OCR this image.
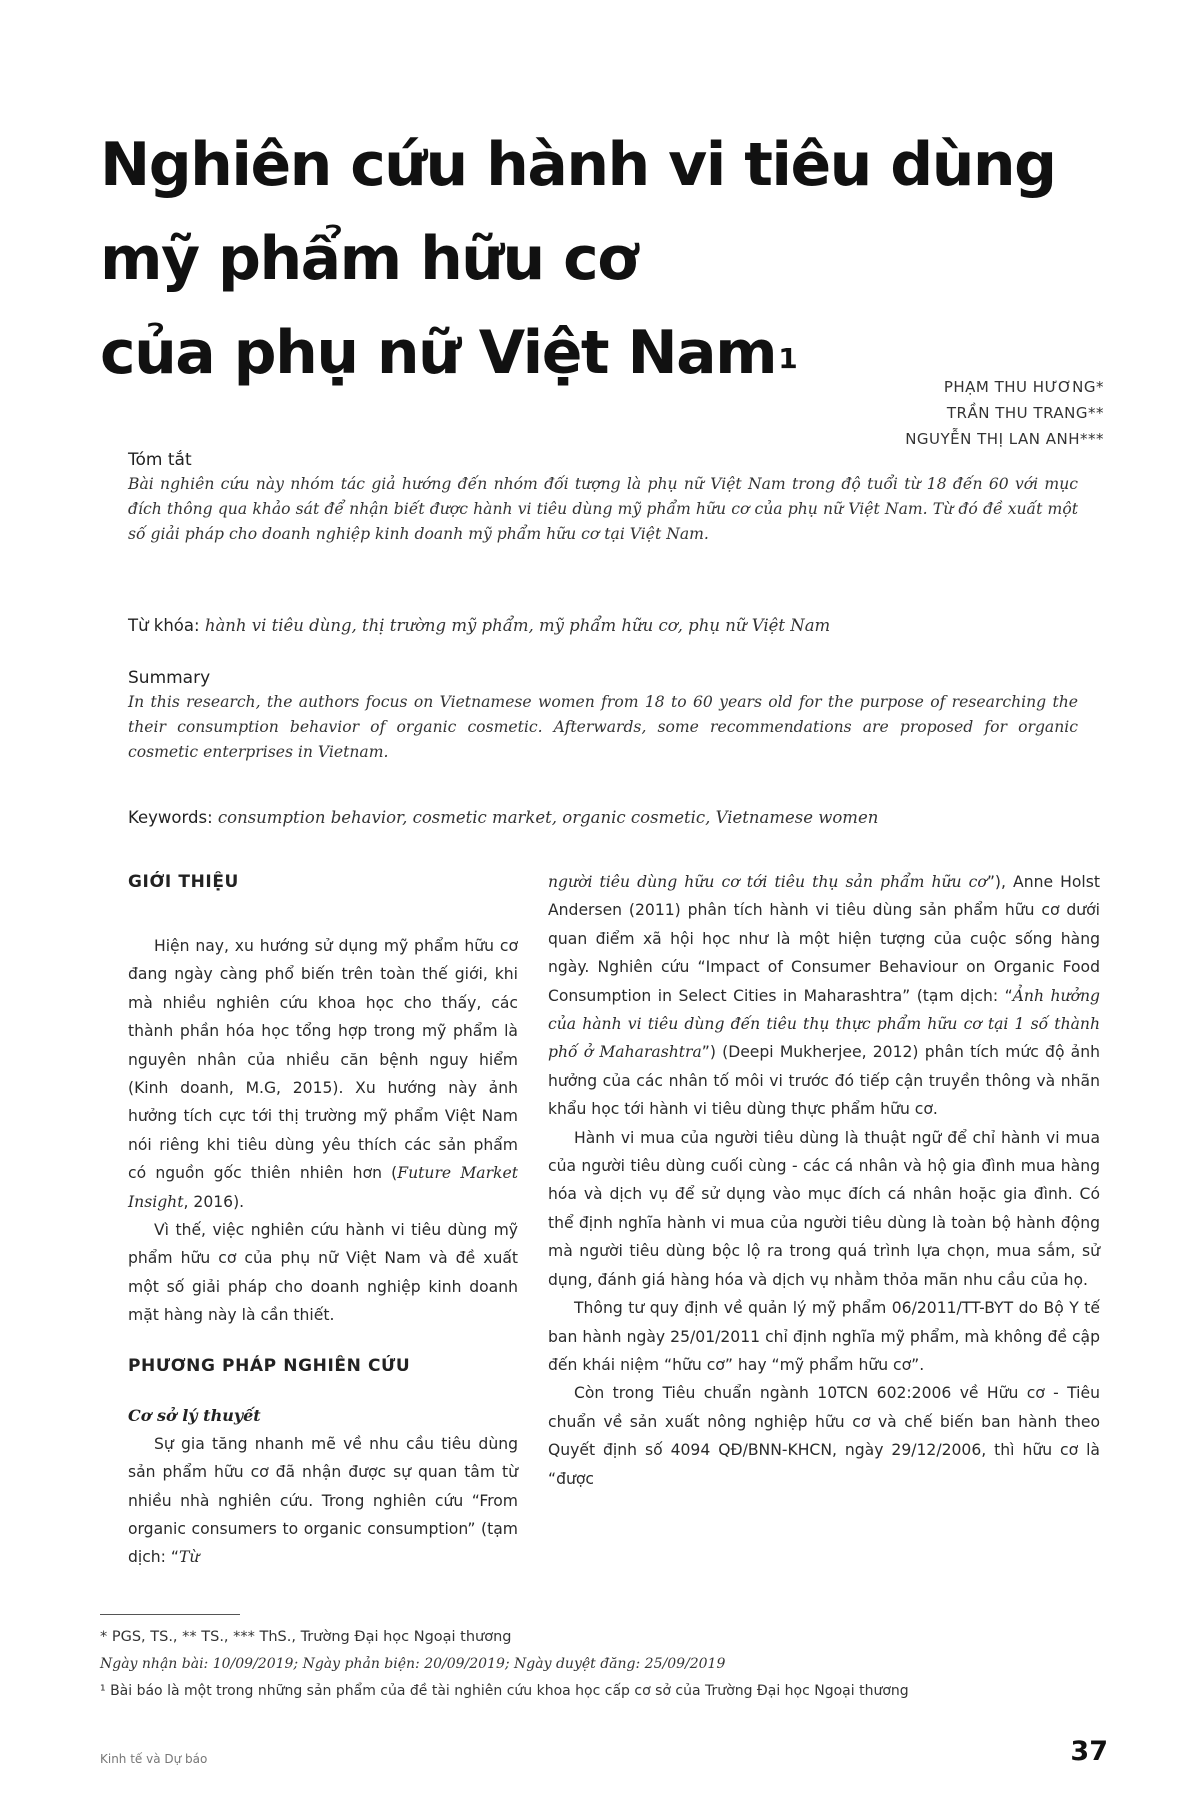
Nghiên cứu hành vi tiêu dùng
mỹ phẩm hữu cơ
của phụ nữ Việt Nam$^1$
PHẠM THU HƯƠNG*
TRẦN THU TRANG**
NGUYỄN THỊ LAN ANH***
Tóm tắt
Bài nghiên cứu này nhóm tác giả hướng đến nhóm đối tượng là phụ nữ Việt Nam trong độ tuổi từ 18 đến 60 với mục đích thông qua khảo sát để nhận biết được hành vi tiêu dùng mỹ phẩm hữu cơ của phụ nữ Việt Nam. Từ đó đề xuất một số giải pháp cho doanh nghiệp kinh doanh mỹ phẩm hữu cơ tại Việt Nam.
Từ khóa: hành vi tiêu dùng, thị trường mỹ phẩm, mỹ phẩm hữu cơ, phụ nữ Việt Nam
Summary
In this research, the authors focus on Vietnamese women from 18 to 60 years old for the purpose of researching the their consumption behavior of organic cosmetic. Afterwards, some recommendations are proposed for organic cosmetic enterprises in Vietnam.
Keywords: consumption behavior, cosmetic market, organic cosmetic, Vietnamese women
GIỚI THIỆU

Hiện nay, xu hướng sử dụng mỹ phẩm hữu cơ đang ngày càng phổ biến trên toàn thế giới, khi mà nhiều nghiên cứu khoa học cho thấy, các thành phần hóa học tổng hợp trong mỹ phẩm là nguyên nhân của nhiều căn bệnh nguy hiểm (Kinh doanh, M.G, 2015). Xu hướng này ảnh hưởng tích cực tới thị trường mỹ phẩm Việt Nam nói riêng khi tiêu dùng yêu thích các sản phẩm có nguồn gốc thiên nhiên hơn (Future Market Insight, 2016).

Vì thế, việc nghiên cứu hành vi tiêu dùng mỹ phẩm hữu cơ của phụ nữ Việt Nam và đề xuất một số giải pháp cho doanh nghiệp kinh doanh mặt hàng này là cần thiết.

PHƯƠNG PHÁP NGHIÊN CỨU
Cơ sở lý thuyết

Sự gia tăng nhanh mẽ về nhu cầu tiêu dùng sản phẩm hữu cơ đã nhận được sự quan tâm từ nhiều nhà nghiên cứu. Trong nghiên cứu “From organic consumers to organic consumption” (tạm dịch: “Từ

người tiêu dùng hữu cơ tới tiêu thụ sản phẩm hữu cơ”), Anne Holst Andersen (2011) phân tích hành vi tiêu dùng sản phẩm hữu cơ dưới quan điểm xã hội học như là một hiện tượng của cuộc sống hàng ngày. Nghiên cứu “Impact of Consumer Behaviour on Organic Food Consumption in Select Cities in Maharashtra” (tạm dịch: “Ảnh hưởng của hành vi tiêu dùng đến tiêu thụ thực phẩm hữu cơ tại 1 số thành phố ở Maharashtra”) (Deepi Mukherjee, 2012) phân tích mức độ ảnh hưởng của các nhân tố môi vi trước đó tiếp cận truyền thông và nhãn khẩu học tới hành vi tiêu dùng thực phẩm hữu cơ.

Hành vi mua của người tiêu dùng là thuật ngữ để chỉ hành vi mua của người tiêu dùng cuối cùng - các cá nhân và hộ gia đình mua hàng hóa và dịch vụ để sử dụng vào mục đích cá nhân hoặc gia đình. Có thể định nghĩa hành vi mua của người tiêu dùng là toàn bộ hành động mà người tiêu dùng bộc lộ ra trong quá trình lựa chọn, mua sắm, sử dụng, đánh giá hàng hóa và dịch vụ nhằm thỏa mãn nhu cầu của họ.

Thông tư quy định về quản lý mỹ phẩm 06/2011/TT-BYT do Bộ Y tế ban hành ngày 25/01/2011 chỉ định nghĩa mỹ phẩm, mà không đề cập đến khái niệm “hữu cơ” hay “mỹ phẩm hữu cơ”.

Còn trong Tiêu chuẩn ngành 10TCN 602:2006 về Hữu cơ - Tiêu chuẩn về sản xuất nông nghiệp hữu cơ và chế biến ban hành theo Quyết định số 4094 QĐ/BNN-KHCN, ngày 29/12/2006, thì hữu cơ là “được

* PGS, TS., ** TS., *** ThS., Trường Đại học Ngoại thương
Ngày nhận bài: 10/09/2019; Ngày phản biện: 20/09/2019; Ngày duyệt đăng: 25/09/2019
¹ Bài báo là một trong những sản phẩm của đề tài nghiên cứu khoa học cấp cơ sở của Trường Đại học Ngoại thương
Kinh tế và Dự báo	37
